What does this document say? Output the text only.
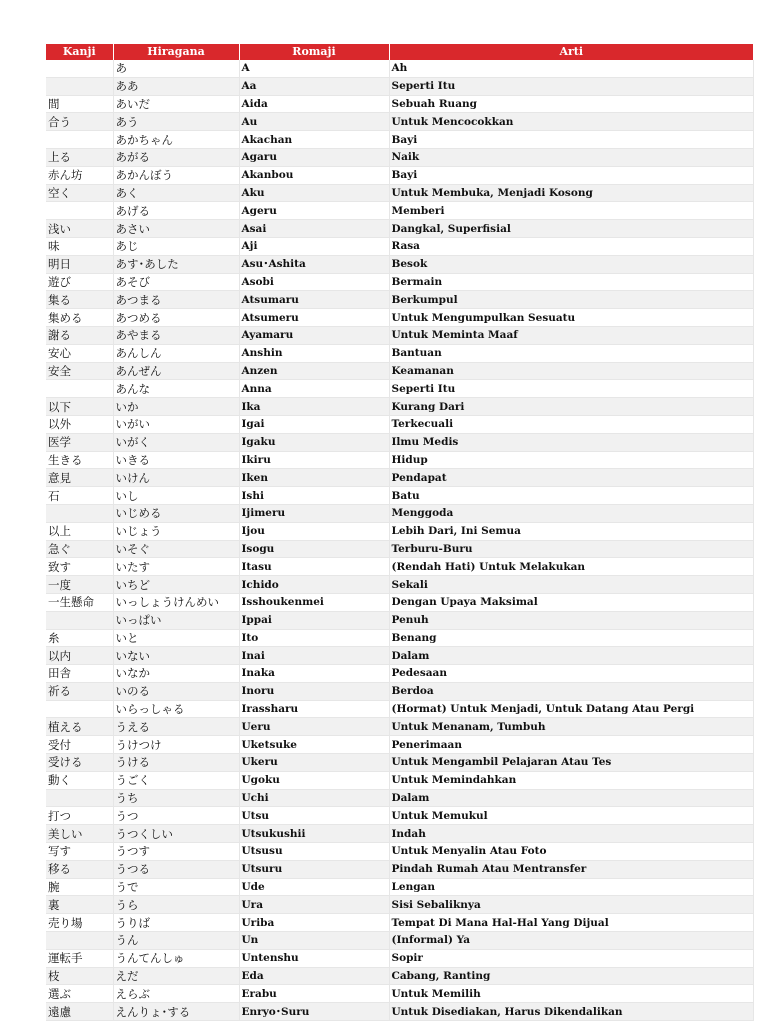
Kanji	Hiragana	Romaji	Arti
	あ	A	Ah
	ああ	Aa	Seperti Itu
間	あいだ	Aida	Sebuah Ruang
合う	あう	Au	Untuk Mencocokkan
	あかちゃん	Akachan	Bayi
上る	あがる	Agaru	Naik
赤ん坊	あかんぼう	Akanbou	Bayi
空く	あく	Aku	Untuk Membuka, Menjadi Kosong
	あげる	Ageru	Memberi
浅い	あさい	Asai	Dangkal, Superfisial
味	あじ	Aji	Rasa
明日	あす･あした	Asu･Ashita	Besok
遊び	あそび	Asobi	Bermain
集る	あつまる	Atsumaru	Berkumpul
集める	あつめる	Atsumeru	Untuk Mengumpulkan Sesuatu
謝る	あやまる	Ayamaru	Untuk Meminta Maaf
安心	あんしん	Anshin	Bantuan
安全	あんぜん	Anzen	Keamanan
	あんな	Anna	Seperti Itu
以下	いか	Ika	Kurang Dari
以外	いがい	Igai	Terkecuali
医学	いがく	Igaku	Ilmu Medis
生きる	いきる	Ikiru	Hidup
意見	いけん	Iken	Pendapat
石	いし	Ishi	Batu
	いじめる	Ijimeru	Menggoda
以上	いじょう	Ijou	Lebih Dari, Ini Semua
急ぐ	いそぐ	Isogu	Terburu-Buru
致す	いたす	Itasu	(Rendah Hati) Untuk Melakukan
一度	いちど	Ichido	Sekali
一生懸命	いっしょうけんめい	Isshoukenmei	Dengan Upaya Maksimal
	いっぱい	Ippai	Penuh
糸	いと	Ito	Benang
以内	いない	Inai	Dalam
田舎	いなか	Inaka	Pedesaan
祈る	いのる	Inoru	Berdoa
	いらっしゃる	Irassharu	(Hormat) Untuk Menjadi, Untuk Datang Atau Pergi
植える	うえる	Ueru	Untuk Menanam, Tumbuh
受付	うけつけ	Uketsuke	Penerimaan
受ける	うける	Ukeru	Untuk Mengambil Pelajaran Atau Tes
動く	うごく	Ugoku	Untuk Memindahkan
	うち	Uchi	Dalam
打つ	うつ	Utsu	Untuk Memukul
美しい	うつくしい	Utsukushii	Indah
写す	うつす	Utsusu	Untuk Menyalin Atau Foto
移る	うつる	Utsuru	Pindah Rumah Atau Mentransfer
腕	うで	Ude	Lengan
裏	うら	Ura	Sisi Sebaliknya
売り場	うりば	Uriba	Tempat Di Mana Hal-Hal Yang Dijual
	うん	Un	(Informal) Ya
運転手	うんてんしゅ	Untenshu	Sopir
枝	えだ	Eda	Cabang, Ranting
選ぶ	えらぶ	Erabu	Untuk Memilih
遠慮	えんりょ･する	Enryo･Suru	Untuk Disediakan, Harus Dikendalikan
